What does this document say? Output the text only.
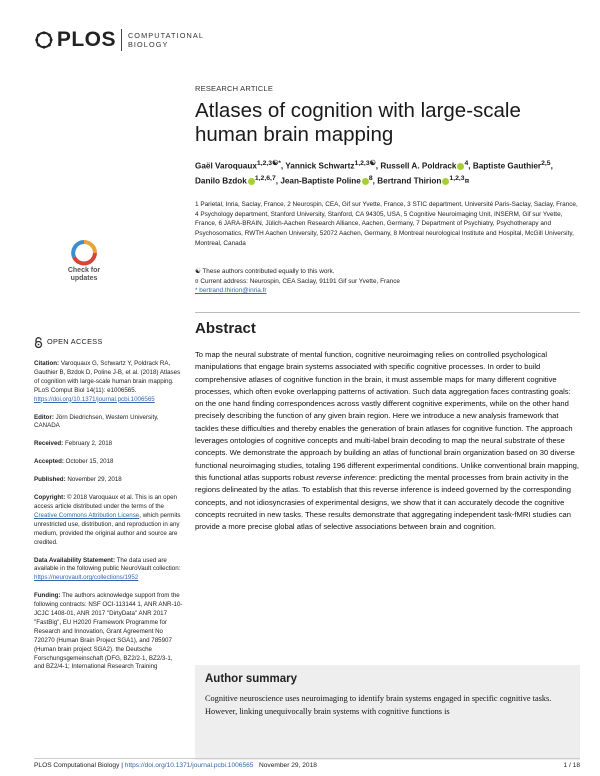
PLOS COMPUTATIONAL
BIOLOGY
RESEARCH ARTICLE
Atlases of cognition with large-scale human brain mapping
Gaël Varoquaux$^{1,2,3☯*}$, Yannick Schwartz$^{1,2,3☯}$, Russell A. Poldrack $^4$, Baptiste Gauthier$^{2,5}$, Danilo Bzdok $^{1,2,6,7}$, Jean-Baptiste Poline $^8$, Bertrand Thirion $^{1,2,3}$¤
1 Parietal, Inria, Saclay, France, 2 Neurospin, CEA, Gif sur Yvette, France, 3 STIC department, Université Paris-Saclay, Saclay, France, 4 Psychology department, Stanford University, Stanford, CA 94305, USA, 5 Cognitive Neuroimaging Unit, INSERM, Gif sur Yvette, France, 6 JARA-BRAIN, Jülich-Aachen Research Alliance, Aachen, Germany, 7 Department of Psychiatry, Psychotherapy and Psychosomatics, RWTH Aachen University, 52072 Aachen, Germany, 8 Montreal neurological Institute and Hospital, McGill University, Montreal, Canada
☯ These authors contributed equally to this work.
¤ Current address: Neurospin, CEA Saclay, 91191 Gif sur Yvette, France
* bertrand.thirion@inria.fr
Check for
updates
OPEN ACCESS
Citation: Varoquaux G, Schwartz Y, Poldrack RA, Gauthier B, Bzdok D, Poline J-B, et al. (2018) Atlases of cognition with large-scale human brain mapping. PLoS Comput Biol 14(11): e1006565. https://doi.org/10.1371/journal.pcbi.1006565
Editor: Jörn Diedrichsen, Western University, CANADA
Received: February 2, 2018
Accepted: October 15, 2018
Published: November 29, 2018
Copyright: © 2018 Varoquaux et al. This is an open access article distributed under the terms of the Creative Commons Attribution License, which permits unrestricted use, distribution, and reproduction in any medium, provided the original author and source are credited.
Data Availability Statement: The data used are available in the following public NeuroVault collection: https://neurovault.org/collections/1952
Funding: The authors acknowledge support from the following contracts: NSF OCI-113144 1, ANR ANR-10-JCJC 1408-01, ANR 2017 "DirtyData" ANR 2017 "FastBig", EU H2020 Framework Programme for Research and Innovation, Grant Agreement No 720270 (Human Brain Project SGA1), and 785907 (Human brain project SGA2). the Deutsche Forschungsgemeinschaft (DFG, BZ2/2-1, BZ2/3-1, and BZ2/4-1; International Research Training
Abstract

To map the neural substrate of mental function, cognitive neuroimaging relies on controlled psychological manipulations that engage brain systems associated with specific cognitive processes. In order to build comprehensive atlases of cognitive function in the brain, it must assemble maps for many different cognitive processes, which often evoke overlapping patterns of activation. Such data aggregation faces contrasting goals: on the one hand finding correspondences across vastly different cognitive experiments, while on the other hand precisely describing the function of any given brain region. Here we introduce a new analysis framework that tackles these difficulties and thereby enables the generation of brain atlases for cognitive function. The approach leverages ontologies of cognitive concepts and multi-label brain decoding to map the neural substrate of these concepts. We demonstrate the approach by building an atlas of functional brain organization based on 30 diverse functional neuroimaging studies, totaling 196 different experimental conditions. Unlike conventional brain mapping, this functional atlas supports robust reverse inference: predicting the mental processes from brain activity in the regions delineated by the atlas. To establish that this reverse inference is indeed governed by the corresponding concepts, and not idiosyncrasies of experimental designs, we show that it can accurately decode the cognitive concepts recruited in new tasks. These results demonstrate that aggregating independent task-fMRI studies can provide a more precise global atlas of selective associations between brain and cognition.

Author summary

Cognitive neuroscience uses neuroimaging to identify brain systems engaged in specific cognitive tasks. However, linking unequivocally brain systems with cognitive functions is

PLOS Computational Biology | https://doi.org/10.1371/journal.pcbi.1006565 November 29, 2018	1 / 18
